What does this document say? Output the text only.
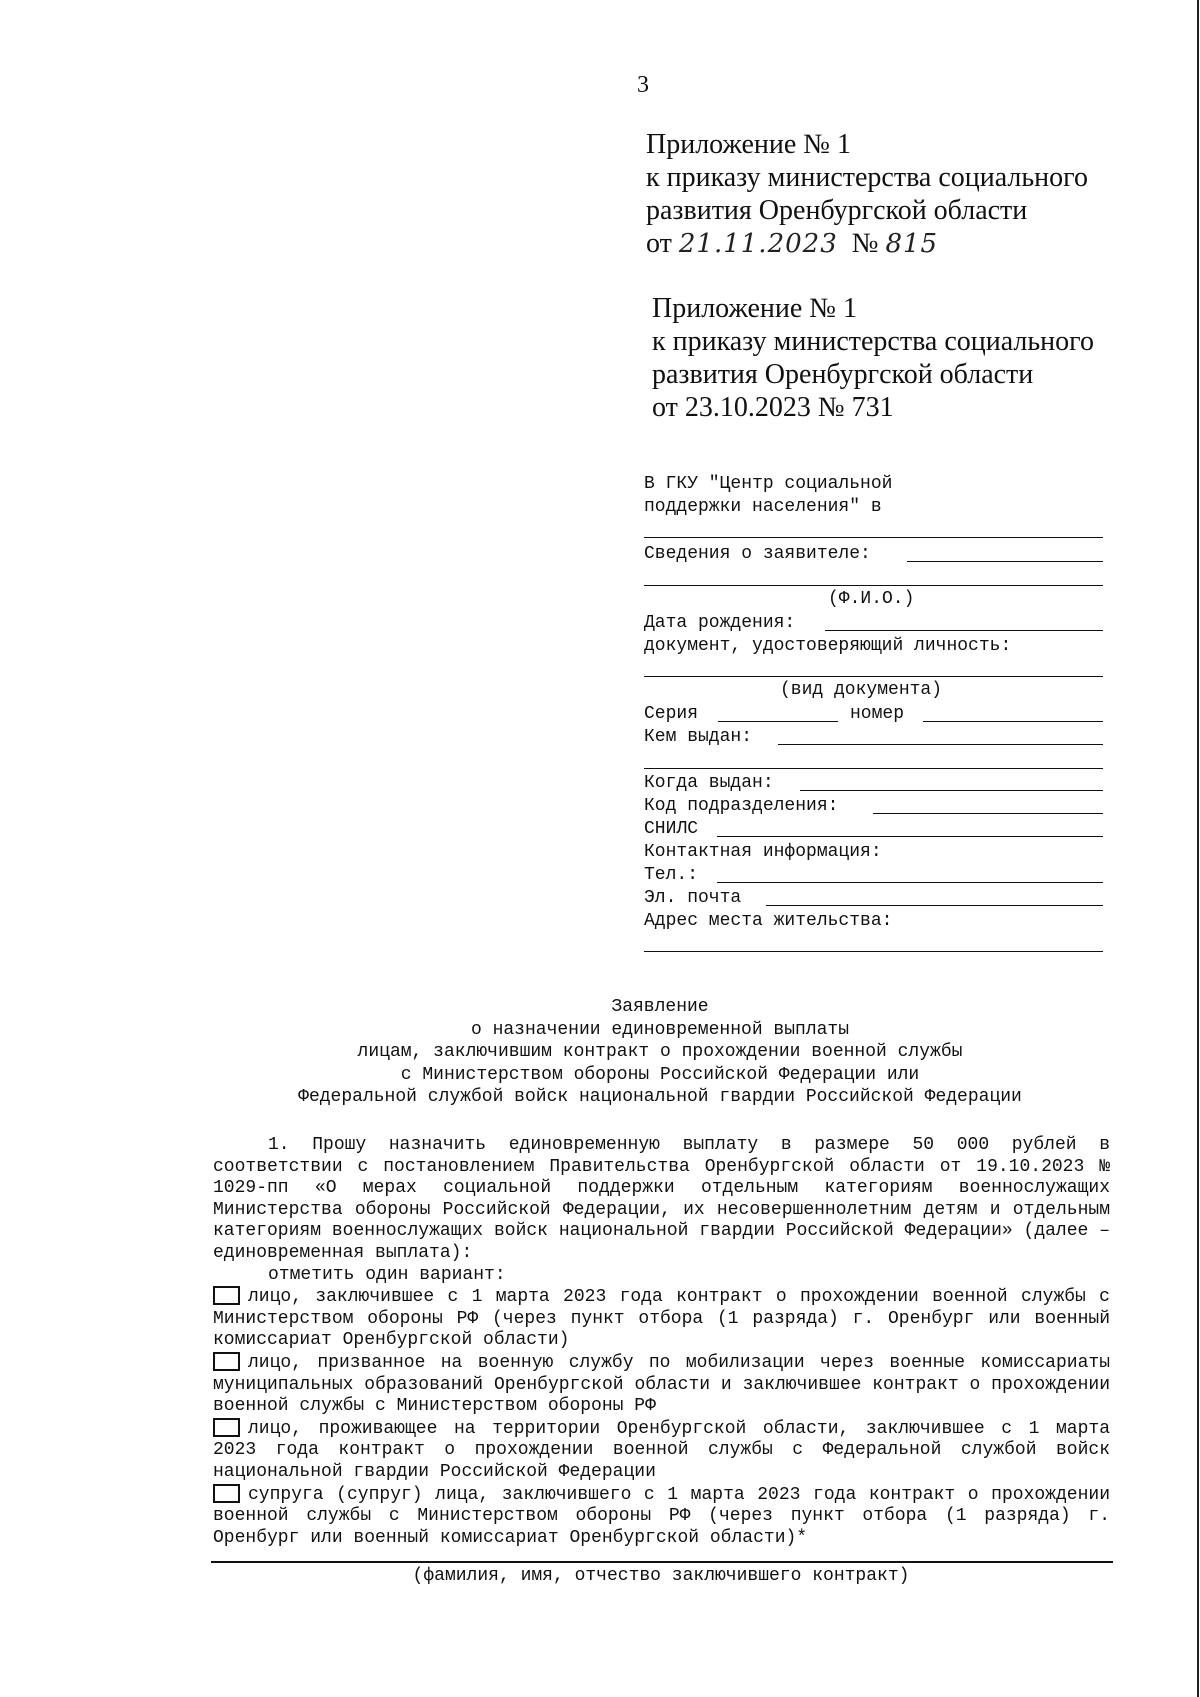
3
Приложение № 1
к приказу министерства социального
развития Оренбургской области
от 21.11.2023 № 815
Приложение № 1
к приказу министерства социального
развития Оренбургской области
от 23.10.2023 № 731
В ГКУ "Центр социальной
поддержки населения" в
Сведения о заявителе:
(Ф.И.О.)
Дата рождения:
документ, удостоверяющий личность:
(вид документа)
Серия	номер
Кем выдан:
Когда выдан:
Код подразделения:
СНИЛС
Контактная информация:
Тел.:
Эл. почта
Адрес места жительства:
Заявление
о назначении единовременной выплаты
лицам, заключившим контракт о прохождении военной службы
с Министерством обороны Российской Федерации или
Федеральной службой войск национальной гвардии Российской Федерации

1. Прошу назначить единовременную выплату в размере 50 000 рублей в соответствии с постановлением Правительства Оренбургской области от 19.10.2023 № 1029-пп «О мерах социальной поддержки отдельным категориям военнослужащих Министерства обороны Российской Федерации, их несовершеннолетним детям и отдельным категориям военнослужащих войск национальной гвардии Российской Федерации» (далее – единовременная выплата):

отметить один вариант:

лицо, заключившее с 1 марта 2023 года контракт о прохождении военной службы с Министерством обороны РФ (через пункт отбора (1 разряда) г. Оренбург или военный комиссариат Оренбургской области)

лицо, призванное на военную службу по мобилизации через военные комиссариаты муниципальных образований Оренбургской области и заключившее контракт о прохождении военной службы с Министерством обороны РФ

лицо, проживающее на территории Оренбургской области, заключившее с 1 марта 2023 года контракт о прохождении военной службы с Федеральной службой войск национальной гвардии Российской Федерации

супруга (супруг) лица, заключившего с 1 марта 2023 года контракт о прохождении военной службы с Министерством обороны РФ (через пункт отбора (1 разряда) г. Оренбург или военный комиссариат Оренбургской области)*

(фамилия, имя, отчество заключившего контракт)
